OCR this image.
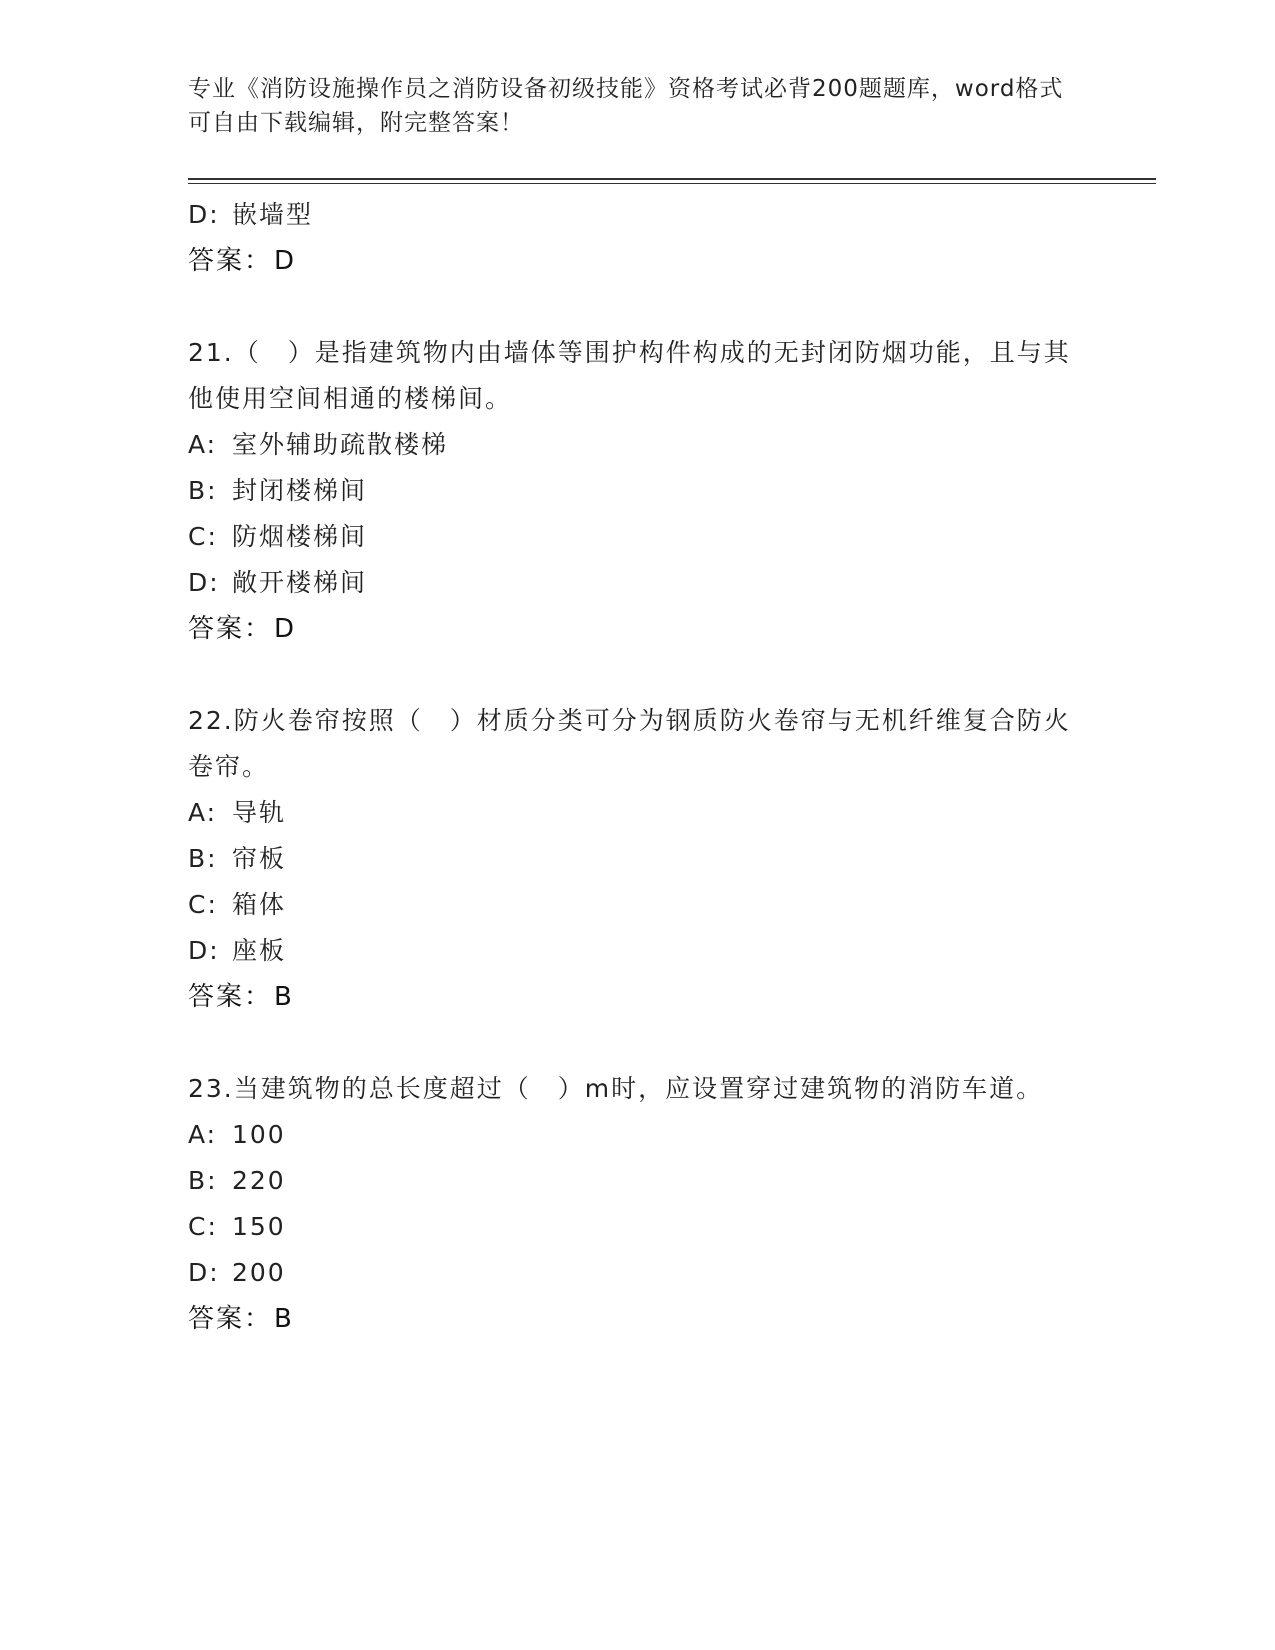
专业《消防设施操作员之消防设备初级技能》资格考试必背200题题库，word格式可自由下载编辑，附完整答案！
D: 嵌墙型
答案：D
21.（　）是指建筑物内由墙体等围护构件构成的无封闭防烟功能，且与其他使用空间相通的楼梯间。
A: 室外辅助疏散楼梯
B: 封闭楼梯间
C: 防烟楼梯间
D: 敞开楼梯间
答案：D
22.防火卷帘按照（　）材质分类可分为钢质防火卷帘与无机纤维复合防火卷帘。
A: 导轨
B: 帘板
C: 箱体
D: 座板
答案：B
23.当建筑物的总长度超过（　）m时，应设置穿过建筑物的消防车道。
A: 100
B: 220
C: 150
D: 200
答案：B
